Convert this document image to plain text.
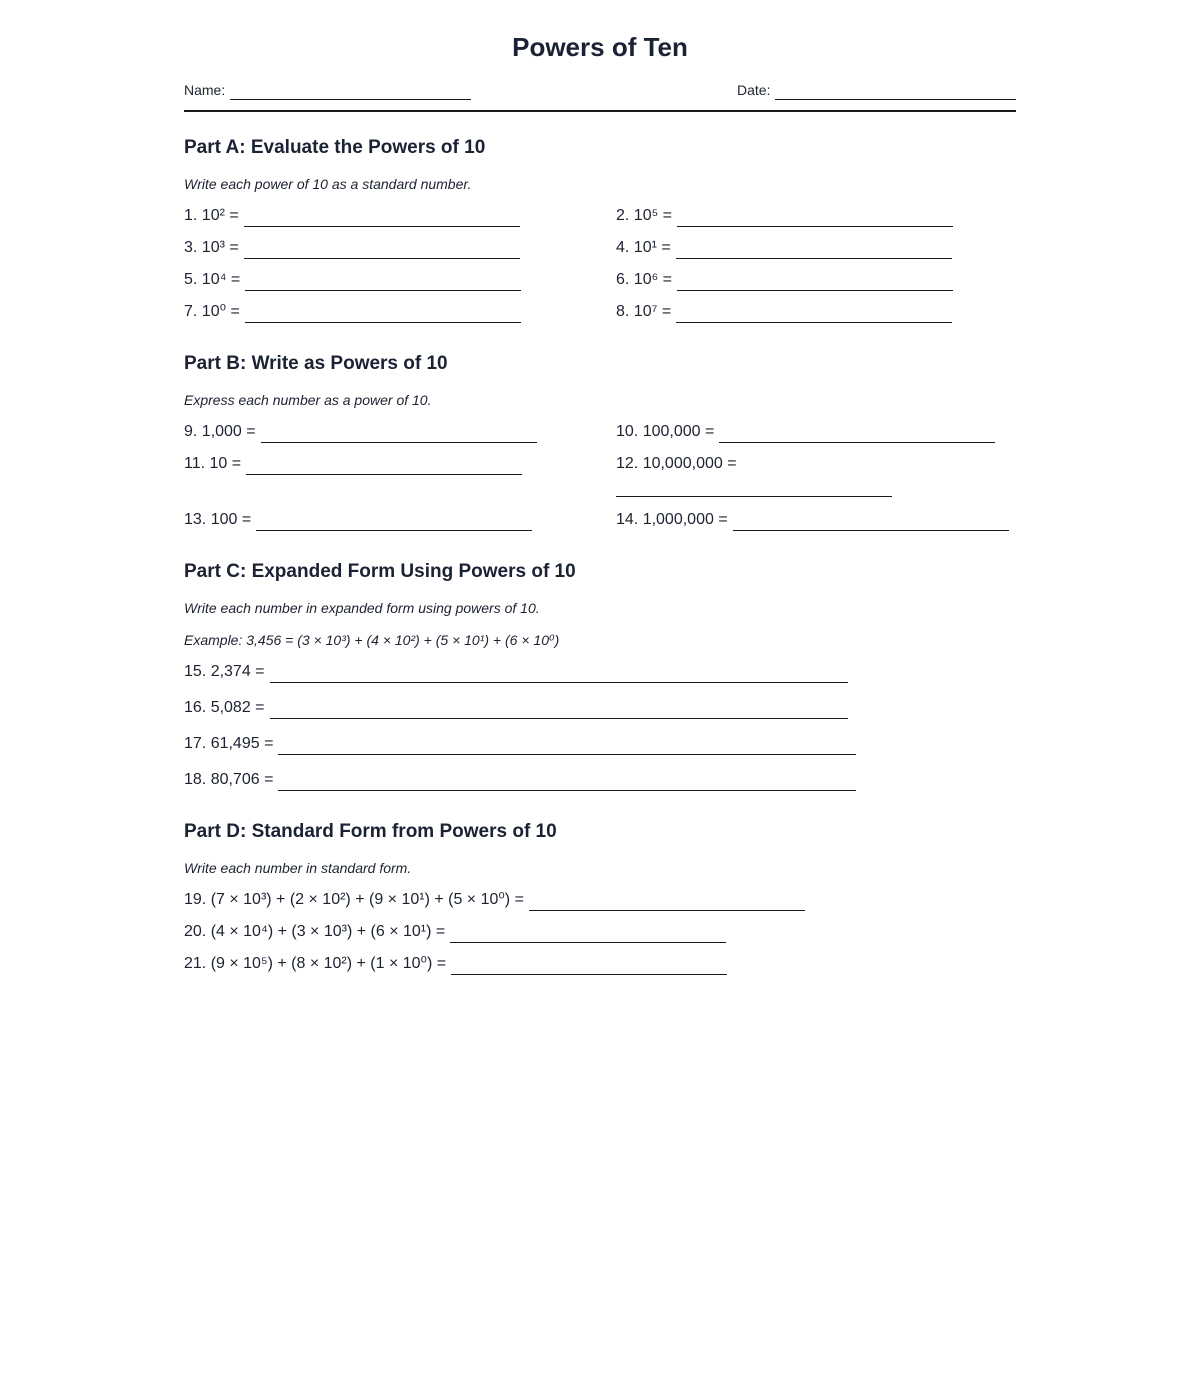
Powers of Ten
Name:	Date:
Part A: Evaluate the Powers of 10
Write each power of 10 as a standard number.
1. 10² =	2. 10⁵ =
3. 10³ =	4. 10¹ =
5. 10⁴ =	6. 10⁶ =
7. 10⁰ =	8. 10⁷ =
Part B: Write as Powers of 10
Express each number as a power of 10.
9. 1,000 =	10. 100,000 =
11. 10 =	12. 10,000,000 =
13. 100 =	14. 1,000,000 =
Part C: Expanded Form Using Powers of 10
Write each number in expanded form using powers of 10.
Example: 3,456 = (3 × 10³) + (4 × 10²) + (5 × 10¹) + (6 × 10⁰)
15. 2,374 =
16. 5,082 =
17. 61,495 =
18. 80,706 =
Part D: Standard Form from Powers of 10
Write each number in standard form.
19. (7 × 10³) + (2 × 10²) + (9 × 10¹) + (5 × 10⁰) =
20. (4 × 10⁴) + (3 × 10³) + (6 × 10¹) =
21. (9 × 10⁵) + (8 × 10²) + (1 × 10⁰) =
